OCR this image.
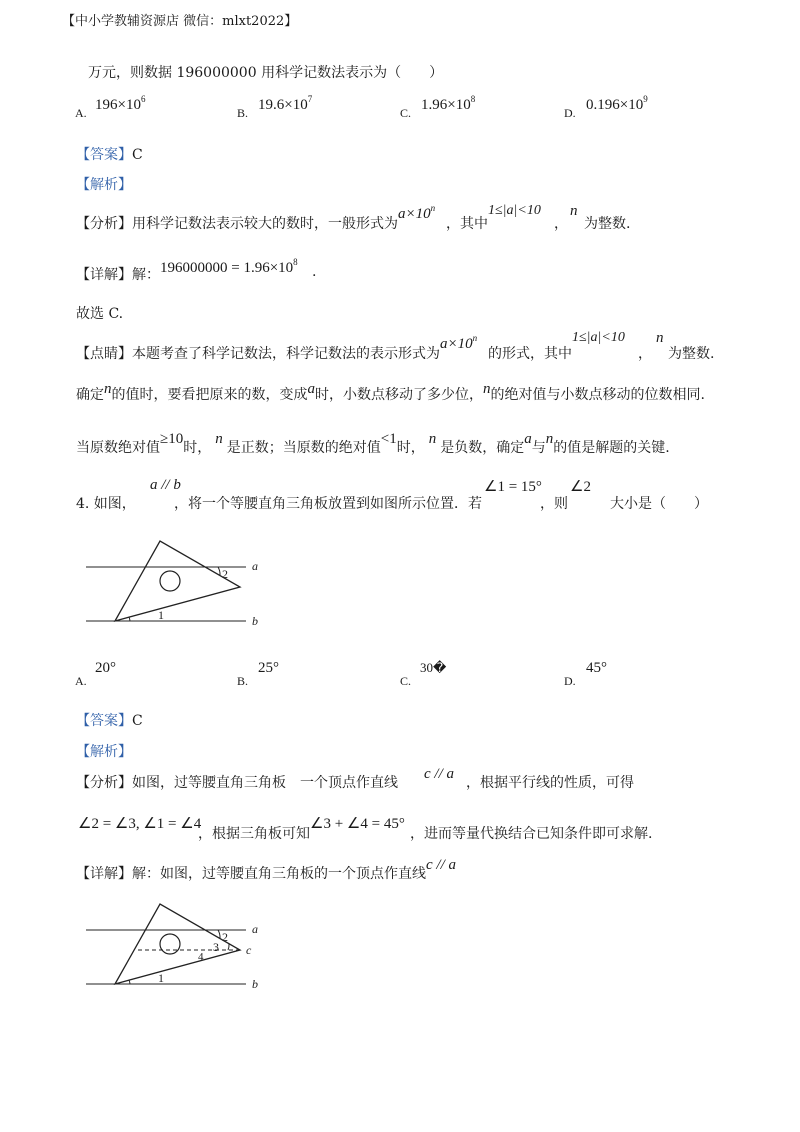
【中小学教辅资源店 微信：mlxt2022】
万元，则数据 196000000 用科学记数法表示为（　　）
A. $196\times 10^6$
B. $19.6\times 10^7$
C. $1.96\times 10^8$
D. $0.196\times 10^9$
【答案】C
【解析】
【分析】用科学记数法表示较大的数时，一般形式为
$a\times 10^n$
，其中
1≤|a|<10
，
n
为整数.
【详解】解： $196000000 = 1.96\times 10^8$
.
故选 C.
【点睛】本题考查了科学记数法，科学记数法的表示形式为
$a\times 10^n$
的形式，其中
1≤|a|<10
，
n
为整数.
确定n的值时，要看把原来的数，变成a时，小数点移动了多少位，n的绝对值与小数点移动的位数相同.
当原数绝对值≥10时，n是正数；当原数的绝对值<1时，n是负数，确定a与n的值是解题的关键.
4. 如图，
a // b
，将一个等腰直角三角板放置到如图所示位置．若
∠1 = 15°
，则
∠2
大小是（　　）
1
2
a
b
A.
20°
B.
25°
C.
30�
D.
45°
【答案】C
【解析】
【分析】如图，过等腰直角三角板　一个顶点作直线
c // a
，根据平行线的性质，可得
∠2 = ∠3, ∠1 = ∠4
，根据三角板可知
∠3 + ∠4 = 45°
，进而等量代换结合已知条件即可求解.
【详解】解：如图，过等腰直角三角板的一个顶点作直线
c // a
1
2
3
4	c
a
b
